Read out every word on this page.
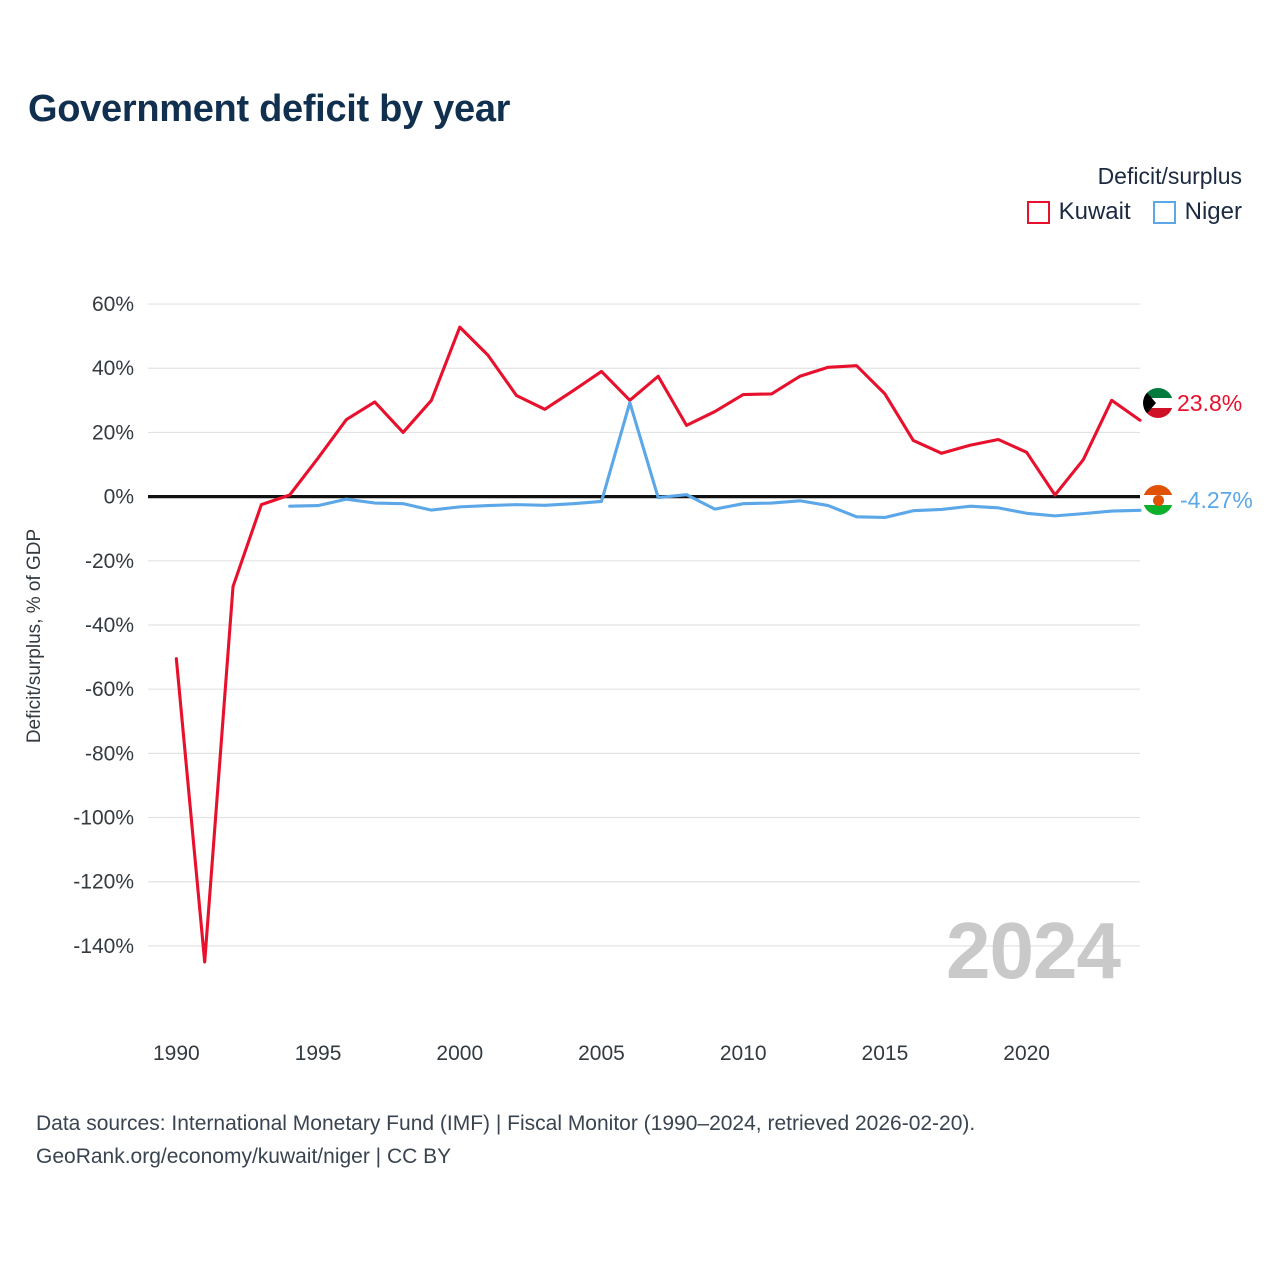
Government deficit by year
Deficit/surplus
Kuwait Niger
60%
40%
20%
0%
-20%
-40%
-60%
-80%
-100%
-120%
-140%
1990	1995	2000	2005	2010	2015	2020
Deficit/surplus, % of GDP
2024
23.8%
-4.27%
Data sources: International Monetary Fund (IMF) | Fiscal Monitor (1990–2024, retrieved 2026-02-20).
GeoRank.org/economy/kuwait/niger | CC BY
